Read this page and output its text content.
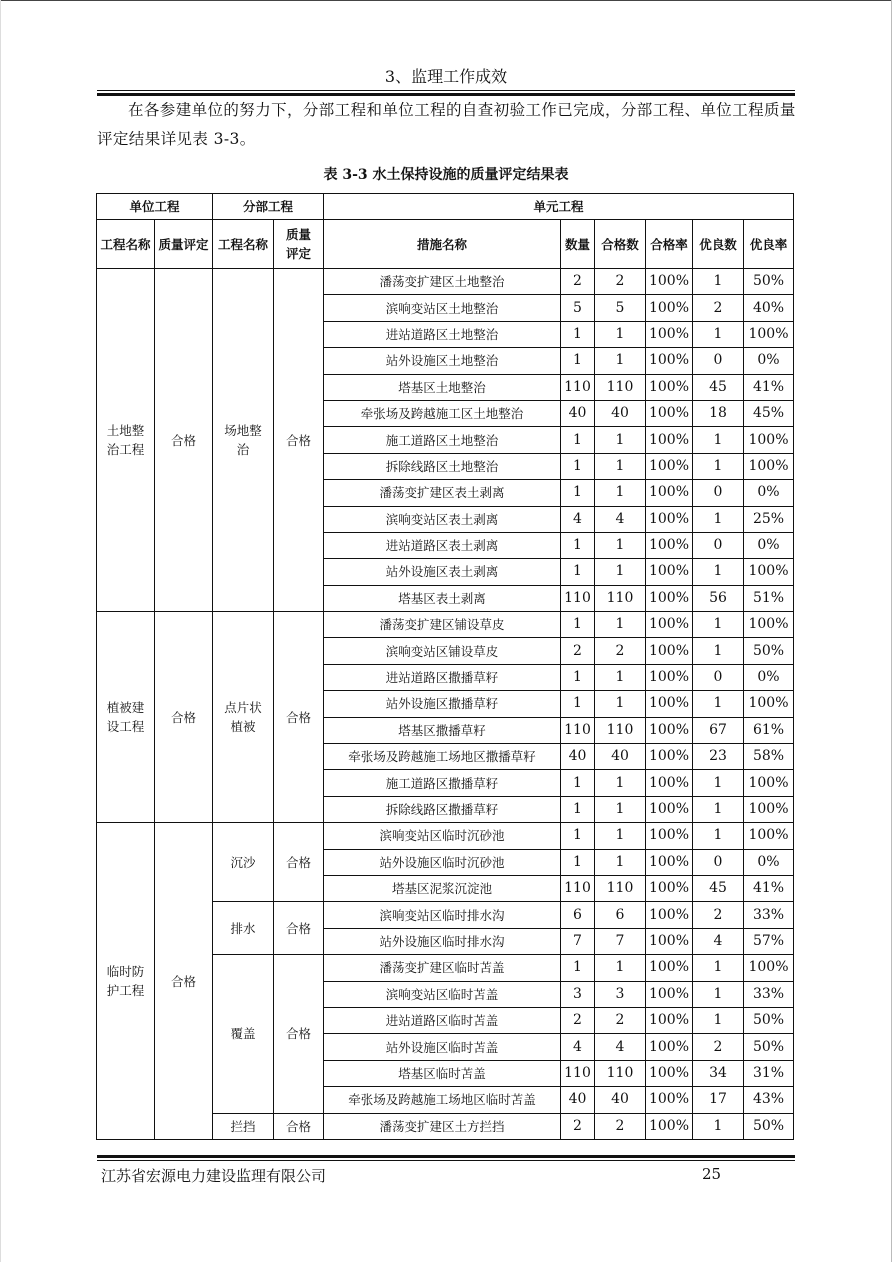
3、监理工作成效
在各参建单位的努力下，分部工程和单位工程的自查初验工作已完成，分部工程、单位工程质量评定结果详见表 3-3。
表 3-3 水土保持设施的质量评定结果表
单位工程		分部工程		单元工程					
工程名称	质量评定	工程名称	质量评定	措施名称	数量	合格数	合格率	优良数	优良率
土地整治工程	合格	场地整治	合格	潘荡变扩建区土地整治	2	2	100%	1	50%
				滨响变站区土地整治	5	5	100%	2	40%
				进站道路区土地整治	1	1	100%	1	100%
				站外设施区土地整治	1	1	100%	0	0%
				塔基区土地整治	110	110	100%	45	41%
				牵张场及跨越施工区土地整治	40	40	100%	18	45%
				施工道路区土地整治	1	1	100%	1	100%
				拆除线路区土地整治	1	1	100%	1	100%
				潘荡变扩建区表土剥离	1	1	100%	0	0%
				滨响变站区表土剥离	4	4	100%	1	25%
				进站道路区表土剥离	1	1	100%	0	0%
				站外设施区表土剥离	1	1	100%	1	100%
				塔基区表土剥离	110	110	100%	56	51%
植被建设工程	合格	点片状植被	合格	潘荡变扩建区铺设草皮	1	1	100%	1	100%
				滨响变站区铺设草皮	2	2	100%	1	50%
				进站道路区撒播草籽	1	1	100%	0	0%
				站外设施区撒播草籽	1	1	100%	1	100%
				塔基区撒播草籽	110	110	100%	67	61%
				牵张场及跨越施工场地区撒播草籽	40	40	100%	23	58%
				施工道路区撒播草籽	1	1	100%	1	100%
				拆除线路区撒播草籽	1	1	100%	1	100%
临时防护工程	合格	沉沙	合格	滨响变站区临时沉砂池	1	1	100%	1	100%
				站外设施区临时沉砂池	1	1	100%	0	0%
				塔基区泥浆沉淀池	110	110	100%	45	41%
		排水	合格	滨响变站区临时排水沟	6	6	100%	2	33%
				站外设施区临时排水沟	7	7	100%	4	57%
		覆盖	合格	潘荡变扩建区临时苫盖	1	1	100%	1	100%
				滨响变站区临时苫盖	3	3	100%	1	33%
				进站道路区临时苫盖	2	2	100%	1	50%
				站外设施区临时苫盖	4	4	100%	2	50%
				塔基区临时苫盖	110	110	100%	34	31%
				牵张场及跨越施工场地区临时苫盖	40	40	100%	17	43%
		拦挡	合格	潘荡变扩建区土方拦挡	2	2	100%	1	50%
江苏省宏源电力建设监理有限公司	25
